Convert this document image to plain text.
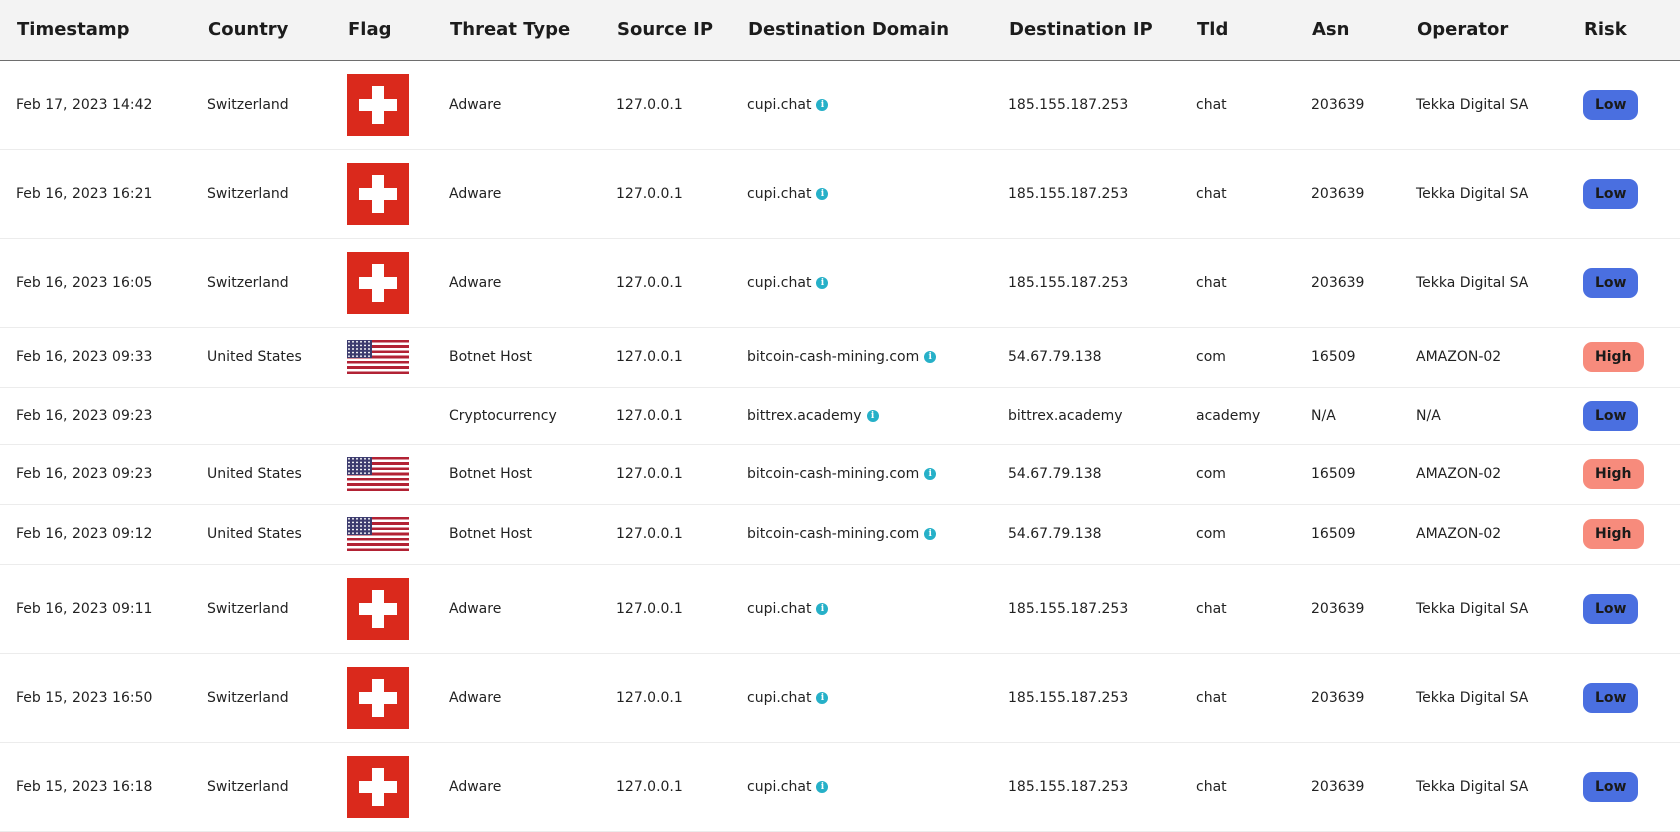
Timestamp	Country	Flag	Threat Type	Source IP	Destination Domain	Destination IP	Tld	Asn	Operator	Risk
Feb 17, 2023 14:42	Switzerland		Adware	127.0.0.1	cupi.chat i	185.155.187.253	chat	203639	Tekka Digital SA	Low
Feb 16, 2023 16:21	Switzerland		Adware	127.0.0.1	cupi.chat i	185.155.187.253	chat	203639	Tekka Digital SA	Low
Feb 16, 2023 16:05	Switzerland		Adware	127.0.0.1	cupi.chat i	185.155.187.253	chat	203639	Tekka Digital SA	Low
Feb 16, 2023 09:33	United States		Botnet Host	127.0.0.1	bitcoin-cash-mining.com i	54.67.79.138	com	16509	AMAZON-02	High
Feb 16, 2023 09:23			Cryptocurrency	127.0.0.1	bittrex.academy i	bittrex.academy	academy	N/A	N/A	Low
Feb 16, 2023 09:23	United States		Botnet Host	127.0.0.1	bitcoin-cash-mining.com i	54.67.79.138	com	16509	AMAZON-02	High
Feb 16, 2023 09:12	United States		Botnet Host	127.0.0.1	bitcoin-cash-mining.com i	54.67.79.138	com	16509	AMAZON-02	High
Feb 16, 2023 09:11	Switzerland		Adware	127.0.0.1	cupi.chat i	185.155.187.253	chat	203639	Tekka Digital SA	Low
Feb 15, 2023 16:50	Switzerland		Adware	127.0.0.1	cupi.chat i	185.155.187.253	chat	203639	Tekka Digital SA	Low
Feb 15, 2023 16:18	Switzerland		Adware	127.0.0.1	cupi.chat i	185.155.187.253	chat	203639	Tekka Digital SA	Low
